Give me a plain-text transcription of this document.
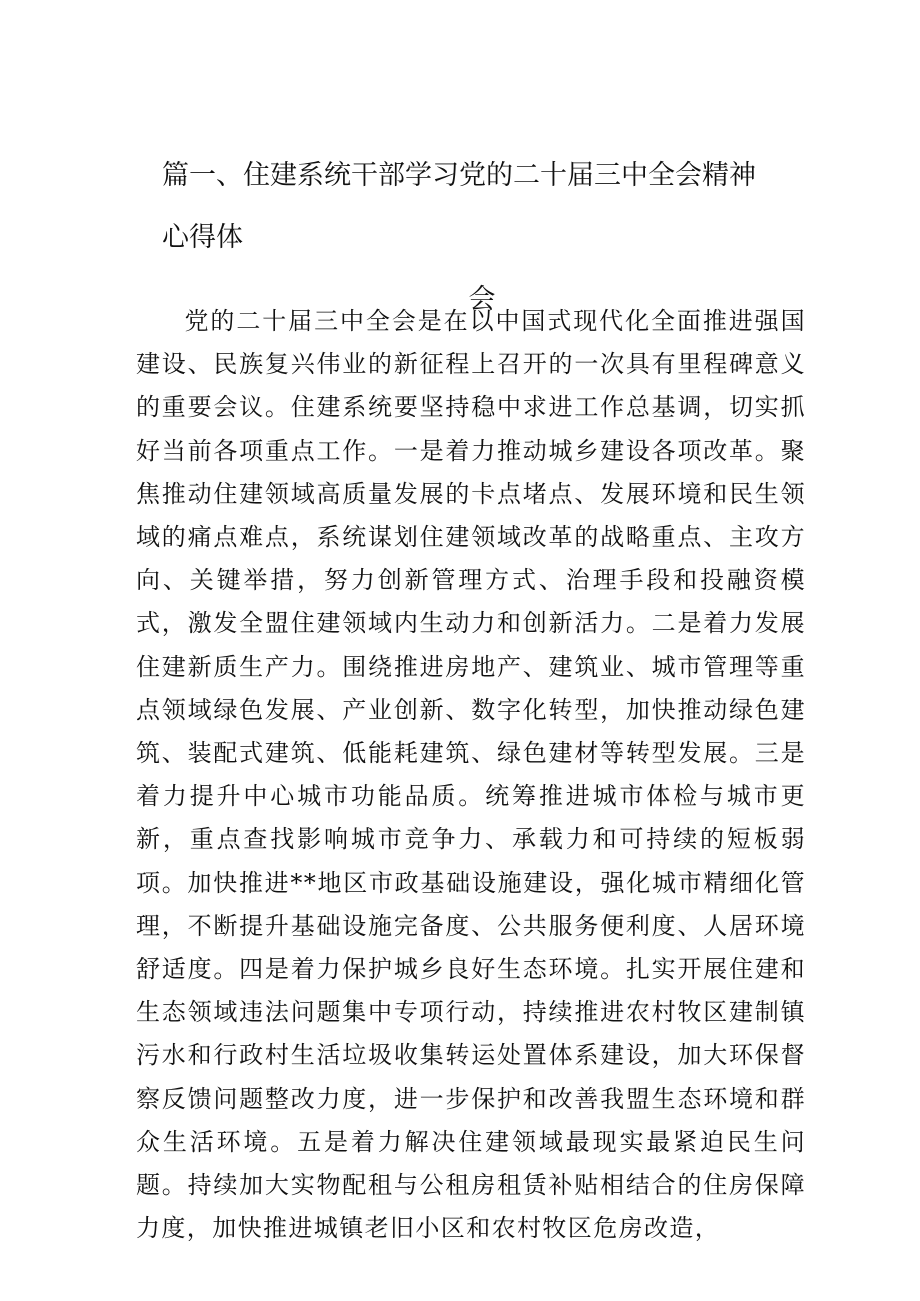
篇一、住建系统干部学习党的二十届三中全会精神心得体
会

党的二十届三中全会是在以中国式现代化全面推进强国建设、民族复兴伟业的新征程上召开的一次具有里程碑意义的重要会议。住建系统要坚持稳中求进工作总基调，切实抓好当前各项重点工作。一是着力推动城乡建设各项改革。聚焦推动住建领域高质量发展的卡点堵点、发展环境和民生领域的痛点难点，系统谋划住建领域改革的战略重点、主攻方向、关键举措，努力创新管理方式、治理手段和投融资模式，激发全盟住建领域内生动力和创新活力。二是着力发展住建新质生产力。围绕推进房地产、建筑业、城市管理等重点领域绿色发展、产业创新、数字化转型，加快推动绿色建筑、装配式建筑、低能耗建筑、绿色建材等转型发展。三是着力提升中心城市功能品质。统筹推进城市体检与城市更新，重点查找影响城市竞争力、承载力和可持续的短板弱项。加快推进**地区市政基础设施建设，强化城市精细化管理，不断提升基础设施完备度、公共服务便利度、人居环境舒适度。四是着力保护城乡良好生态环境。扎实开展住建和生态领域违法问题集中专项行动，持续推进农村牧区建制镇污水和行政村生活垃圾收集转运处置体系建设，加大环保督察反馈问题整改力度，进一步保护和改善我盟生态环境和群众生活环境。五是着力解决住建领域最现实最紧迫民生问题。持续加大实物配租与公租房租赁补贴相结合的住房保障力度，加快推进城镇老旧小区和农村牧区危房改造，
